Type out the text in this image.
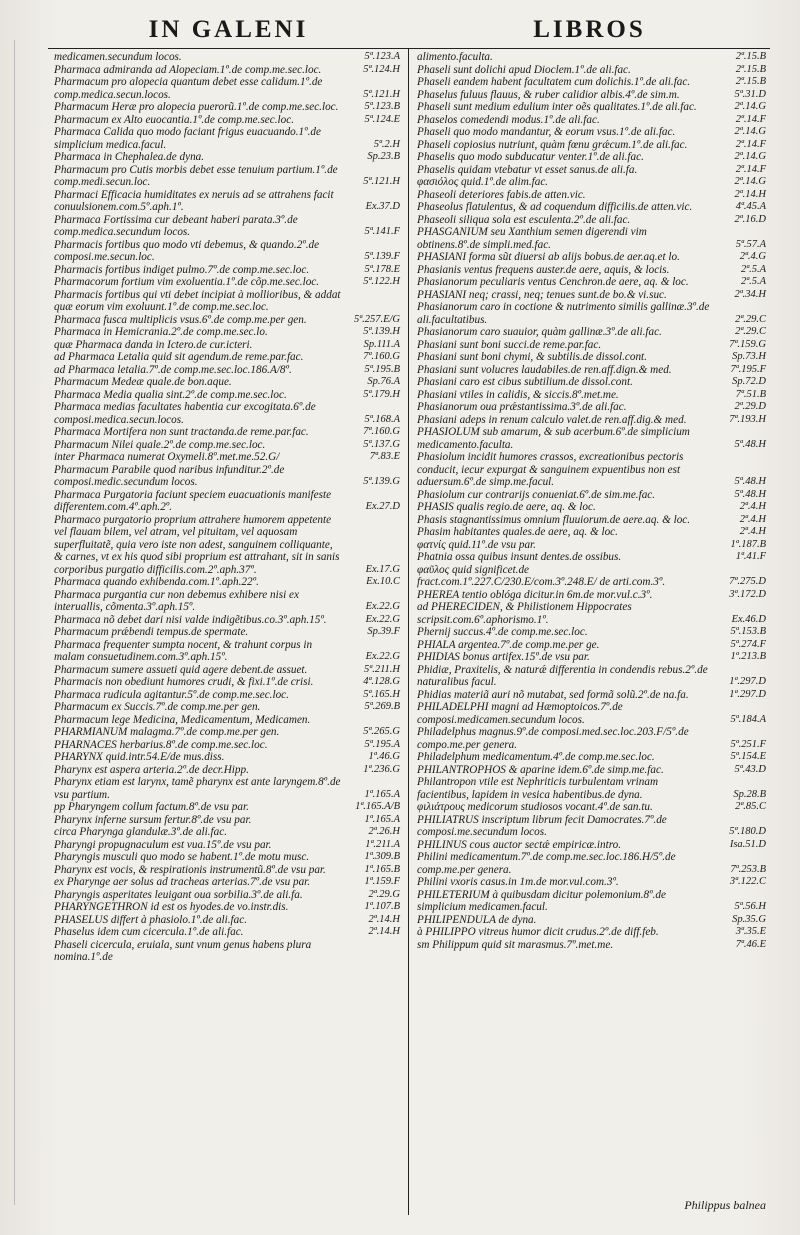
IN GALENI	LIBROS
medicamen.secundum locos.	5ª.123.A
Pharmaca admiranda ad Alopeciam.1º.de comp.me.sec.loc.	5ª.124.H
Pharmacum pro alopecia quantum debet esse calidum.1º.de comp.medica.secun.locos.	5ª.121.H
Pharmacum Heræ pro alopecia puerorũ.1º.de comp.me.sec.loc.	5ª.123.B
Pharmacum ex Alto euocantia.1º.de comp.me.sec.loc.	5ª.124.E
Pharmaca Calida quo modo faciant frigus euacuando.1º.de simplicium medica.facul.	5ª.2.H
Pharmaca in Chephalea.de dyna.	Sp.23.B
Pharmacum pro Cutis morbis debet esse tenuium partium.1º.de comp.medi.secun.loc.	5ª.121.H
Pharmaci Efficacia humiditates ex neruis ad se attrahens facit conuulsionem.com.5º.aph.1º.	Ex.37.D
Pharmaca Fortissima cur debeant haberi parata.3º.de comp.medica.secundum locos.	5ª.141.F
Pharmacis fortibus quo modo vti debemus, & quando.2º.de composi.me.secun.loc.	5ª.139.F
Pharmacis fortibus indiget pulmo.7º.de comp.me.sec.loc.	5ª.178.E
Pharmacorum fortium vim exoluentia.1º.de cõp.me.sec.loc.	5ª.122.H
Pharmacis fortibus qui vti debet incipiat à mollioribus, & addat quæ eorum vim exoluunt.1º.de comp.me.sec.loc.
Pharmaca fusca multiplicis vsus.6º.de comp.me.per gen.	5ª.257.E/G
Pharmaca in Hemicrania.2º.de comp.me.sec.lo.	5ª.139.H
quæ Pharmaca danda in Ictero.de cur.icteri.	Sp.111.A
ad Pharmaca Letalia quid sit agendum.de reme.par.fac.	7ª.160.G
ad Pharmaca letalia.7º.de comp.me.sec.loc.186.A/8º.	5ª.195.B
Pharmacum Medeæ quale.de bon.aque.	Sp.76.A
Pharmaca Media qualia sint.2º.de comp.me.sec.loc.	5ª.179.H
Pharmaca medias facultates habentia cur excogitata.6º.de composi.medica.secun.locos.	5ª.168.A
Pharmaca Mortifera non sunt tractanda.de reme.par.fac.	7ª.160.G
Pharmacum Nilei quale.2º.de comp.me.sec.loc.	5ª.137.G
inter Pharmaca numerat Oxymeli.8º.met.me.52.G/	7ª.83.E
Pharmacum Parabile quod naribus infunditur.2º.de composi.medic.secundum locos.	5ª.139.G
Pharmaca Purgatoria faciunt speciem euacuationis manifeste differentem.com.4º.aph.2º.	Ex.27.D
Pharmaco purgatorio proprium attrahere humorem appetente vel flauam bilem, vel atram, vel pituitam, vel aquosam superfluitatẽ, quia vero iste non adest, sanguinem colliquante, & carnes, vt ex his quod sibi proprium est attrahant, sit in sanis corporibus purgatio difficilis.com.2º.aph.37º.	Ex.17.G
Pharmaca quando exhibenda.com.1º.aph.22º.	Ex.10.C
Pharmaca purgantia cur non debemus exhibere nisi ex interuallis, cõmenta.3º.aph.15º.	Ex.22.G
Pharmaca nõ debet dari nisi valde indigẽtibus.co.3º.aph.15º.	Ex.22.G
Pharmacum prǽbendi tempus.de spermate.	Sp.39.F
Pharmaca frequenter sumpta nocent, & trahunt corpus in malam consuetudinem.com.3º.aph.15º.	Ex.22.G
Pharmacum sumere assueti quid agere debent.de assuet.	5ª.211.H
Pharmacis non obediunt humores crudi, & fixi.1º.de crisi.	4ª.128.G
Pharmaca rudicula agitantur.5º.de comp.me.sec.loc.	5ª.165.H
Pharmacum ex Succis.7º.de comp.me.per gen.	5ª.269.B
Pharmacum lege Medicina, Medicamentum, Medicamen.
PHARMIANUM malagma.7º.de comp.me.per gen.	5ª.265.G
PHARNACES herbarius.8º.de comp.me.sec.loc.	5ª.195.A
PHARYNX quid.intr.54.E/de mus.diss.	1ª.46.G
Pharynx est aspera arteria.2º.de decr.Hipp.	1ª.236.G
Pharynx etiam est larynx, tamẽ pharynx est ante laryngem.8º.de vsu partium.	1ª.165.A
pp Pharyngem collum factum.8º.de vsu par.	1ª.165.A/B
Pharynx inferne sursum fertur.8º.de vsu par.	1ª.165.A
circa Pharynga glandulæ.3º.de ali.fac.	2ª.26.H
Pharyngi propugnaculum est vua.15º.de vsu par.	1ª.211.A
Pharyngis musculi quo modo se habent.1º.de motu musc.	1ª.309.B
Pharynx est vocis, & respirationis instrumentũ.8º.de vsu par.	1ª.165.B
ex Pharynge aer solus ad tracheas arterias.7º.de vsu par.	1ª.159.F
Pharyngis asperitates leuigant oua sorbilia.3º.de ali.fa.	2ª.29.G
PHARYNGETHRON id est os hyodes.de vo.instr.dis.	1ª.107.B
PHASELUS differt à phasiolo.1º.de ali.fac.	2ª.14.H
Phaselus idem cum cicercula.1º.de ali.fac.	2ª.14.H
Phaseli cicercula, eruiala, sunt vnum genus habens plura nomina.1º.de
alimento.faculta.	2ª.15.B
Phaseli sunt dolichi apud Dioclem.1º.de ali.fac.	2ª.15.B
Phaseli eandem habent facultatem cum dolichis.1º.de ali.fac.	2ª.15.B
Phaselus fuluus flauus, & ruber calidior albis.4º.de sim.m.	5ª.31.D
Phaseli sunt medium edulium inter oẽs qualitates.1º.de ali.fac.	2ª.14.G
Phaselos comedendi modus.1º.de ali.fac.	2ª.14.F
Phaseli quo modo mandantur, & eorum vsus.1º.de ali.fac.	2ª.14.G
Phaseli copiosius nutriunt, quàm fœnu grǽcum.1º.de ali.fac.	2ª.14.F
Phaselis quo modo subducatur venter.1º.de ali.fac.	2ª.14.G
Phaselis quidam vtebatur vt esset sanus.de ali.fa.	2ª.14.F
φασιόλος quid.1º.de alim.fac.	2ª.14.G
Phaseoli deteriores fabis.de atten.vic.	2ª.14.H
Phaseolus flatulentus, & ad coquendum difficilis.de atten.vic.	4ª.45.A
Phaseoli siliqua sola est esculenta.2º.de ali.fac.	2ª.16.D
PHASGANIUM seu Xanthium semen digerendi vim obtinens.8º.de simpli.med.fac.	5ª.57.A
PHASIANI forma sũt diuersi ab alijs bobus.de aer.aq.et lo.	2ª.4.G
Phasianis ventus frequens auster.de aere, aquis, & locis.	2ª.5.A
Phasianorum peculiaris ventus Cenchron.de aere, aq. & loc.	2ª.5.A
PHASIANI neq; crassi, neq; tenues sunt.de bo.& vi.suc.	2ª.34.H
Phasianorum caro in coctione & nutrimento similis gallinæ.3º.de ali.facultatibus.	2ª.29.C
Phasianorum caro suauior, quàm gallinæ.3º.de ali.fac.	2ª.29.C
Phasiani sunt boni succi.de reme.par.fac.	7ª.159.G
Phasiani sunt boni chymi, & subtilis.de dissol.cont.	Sp.73.H
Phasiani sunt volucres laudabiles.de ren.aff.dign.& med.	7ª.195.F
Phasiani caro est cibus subtilium.de dissol.cont.	Sp.72.D
Phasiani vtiles in calidis, & siccis.8º.met.me.	7ª.51.B
Phasianorum oua prǽstantissima.3º.de ali.fac.	2ª.29.D
Phasiani adeps in renum calculo valet.de ren.aff.dig.& med.	7ª.193.H
PHASIOLUM sub amarum, & sub acerbum.6º.de simplicium medicamento.faculta.	5ª.48.H
Phasiolum incidit humores crassos, excreationibus pectoris conducit, iecur expurgat & sanguinem expuentibus non est aduersum.6º.de simp.me.facul.	5ª.48.H
Phasiolum cur contrarijs conueniat.6º.de sim.me.fac.	5ª.48.H
PHASIS qualis regio.de aere, aq. & loc.	2ª.4.H
Phasis stagnantissimus omnium fluuiorum.de aere.aq. & loc.	2ª.4.H
Phasim habitantes quales.de aere, aq. & loc.	2ª.4.H
φατνίς quid.11º.de vsu par.	1ª.187.B
Phatnia ossa quibus insunt dentes.de ossibus.	1ª.41.F
φαῦλος quid significet.de fract.com.1º.227.C/230.E/com.3º.248.E/ de arti.com.3º.	7ª.275.D
PHEREA tentio oblóga dicitur.in 6m.de mor.vul.c.3º.	3ª.172.D
ad PHERECIDEN, & Philistionem Hippocrates scripsit.com.6º.aphorismo.1º.	Ex.46.D
Phernij succus.4º.de comp.me.sec.loc.	5ª.153.B
PHIALA argentea.7º.de comp.me.per ge.	5ª.274.F
PHIDIAS bonus artifex.15º.de vsu par.	1ª.213.B
Phidiæ, Praxitelis, & naturǽ differentia in condendis rebus.2º.de naturalibus facul.	1ª.297.D
Phidias materiã auri nõ mutabat, sed formã solũ.2º.de na.fa.	1ª.297.D
PHILADELPHI magni ad Hæmoptoicos.7º.de composi.medicamen.secundum locos.	5ª.184.A
Philadelphus magnus.9º.de composi.med.sec.loc.203.F/5º.de compo.me.per genera.	5ª.251.F
Philadelphum medicamentum.4º.de comp.me.sec.loc.	5ª.154.E
PHILANTROPHOS & aparine idem.6º.de simp.me.fac.	5ª.43.D
Philantropon vtile est Nephriticis turbulentam vrinam facientibus, lapidem in vesica habentibus.de dyna.	Sp.28.B
φιλιάτρους medicorum studiosos vocant.4º.de san.tu.	2ª.85.C
PHILIATRUS inscriptum librum fecit Damocrates.7º.de composi.me.secundum locos.	5ª.180.D
PHILINUS cous auctor sectǽ empiricæ.intro.	Isa.51.D
Philini medicamentum.7º.de comp.me.sec.loc.186.H/5º.de comp.me.per genera.	7ª.253.B
Philini vxoris casus.in 1m.de mor.vul.com.3º.	3ª.122.C
PHILETERIUM à quibusdam dicitur polemonium.8º.de simplicium medicamen.facul.	5ª.56.H
PHILIPENDULA de dyna.	Sp.35.G
à PHILIPPO vitreus humor dicit crudus.2º.de diff.feb.	3ª.35.E
sm Philippum quid sit marasmus.7º.met.me.	7ª.46.E
Philippus balnea
